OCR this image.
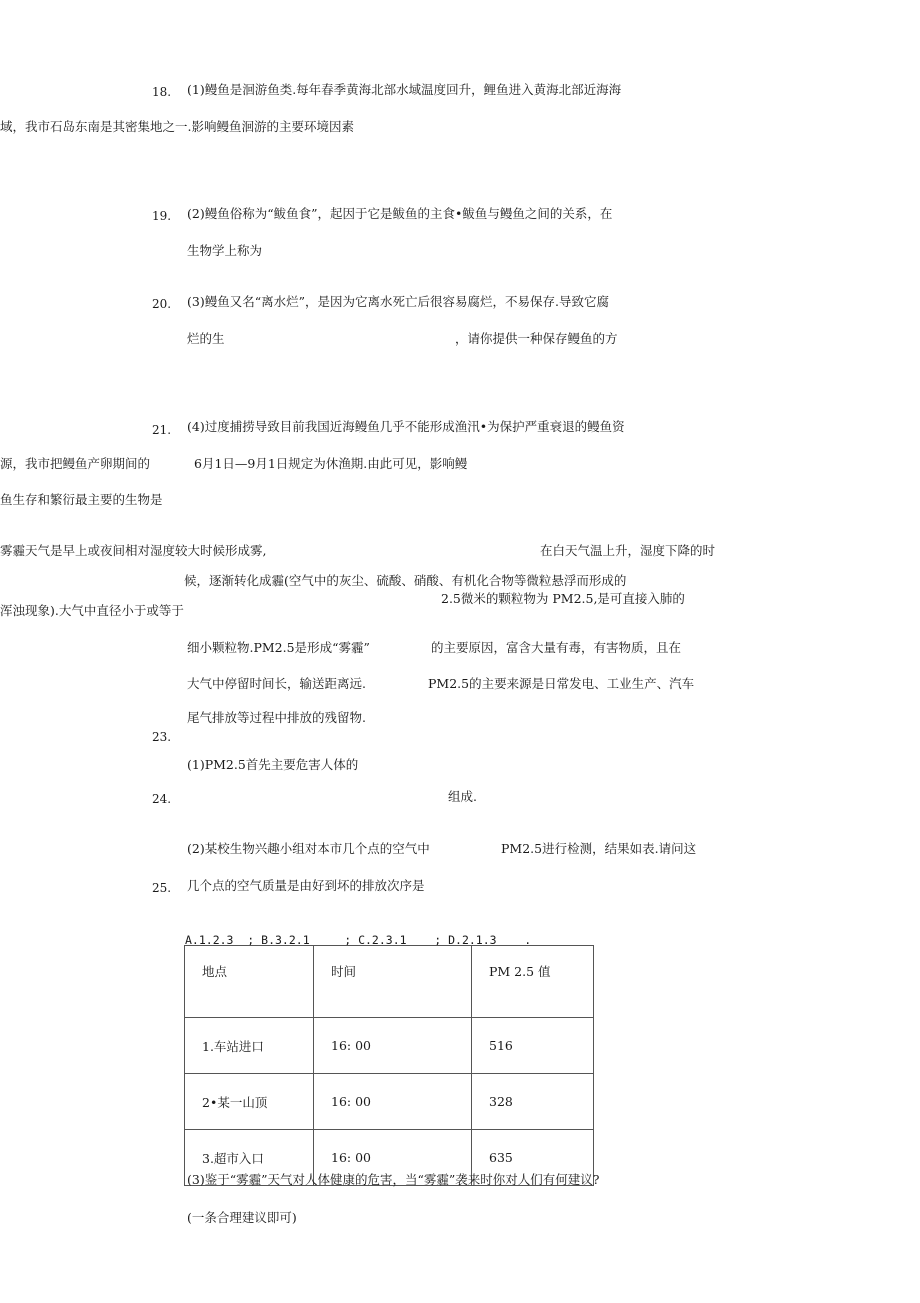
18. (1)鳗鱼是洄游鱼类.每年春季黄海北部水域温度回升，鲤鱼进入黄海北部近海海
域，我市石岛东南是其密集地之一.影响鳗鱼洄游的主要环境因素
19. (2)鳗鱼俗称为“鲅鱼食”，起因于它是鲅鱼的主食•鲅鱼与鳗鱼之间的关系，在
生物学上称为
20. (3)鳗鱼又名“离水烂”，是因为它离水死亡后很容易腐烂，不易保存.导致它腐
烂的生	，请你提供一种保存鳗鱼的方
21. (4)过度捕捞导致目前我国近海鳗鱼几乎不能形成渔汛•为保护严重衰退的鳗鱼资
源，我市把鳗鱼产卵期间的	6月1日—9月1日规定为休渔期.由此可见，影响鳗
鱼生存和繁衍最主要的生物是
雾霾天气是早上或夜间相对湿度较大时候形成雾,	在白天气温上升，湿度下降的时
候，逐渐转化成霾(空气中的灰尘、硫酸、硝酸、有机化合物等微粒悬浮而形成的
浑浊现象).大气中直径小于或等于
2.5微米的颗粒物为 PM2.5,是可直接入肺的
细小颗粒物.PM2.5是形成“雾霾”	的主要原因，富含大量有毒，有害物质，且在
大气中停留时间长，输送距离远.	PM2.5的主要来源是日常发电、工业生产、汽车
尾气排放等过程中排放的残留物.
23.
(1)PM2.5首先主要危害人体的
24.	组成.
(2)某校生物兴趣小组对本市几个点的空气中	PM2.5进行检测，结果如表.请问这
25. 几个点的空气质量是由好到坏的排放次序是
A.1.2.3  ; B.3.2.1     ; C.2.3.1    ; D.2.1.3    .
地点	时间	PM 2.5 值
1.车站进口	16: 00	516
2•某一山顶	16: 00	328
3.超市入口	16: 00	635
(3)鉴于“雾霾”天气对人体健康的危害，当“雾霾”袭来时你对人们有何建议?
(一条合理建议即可)
